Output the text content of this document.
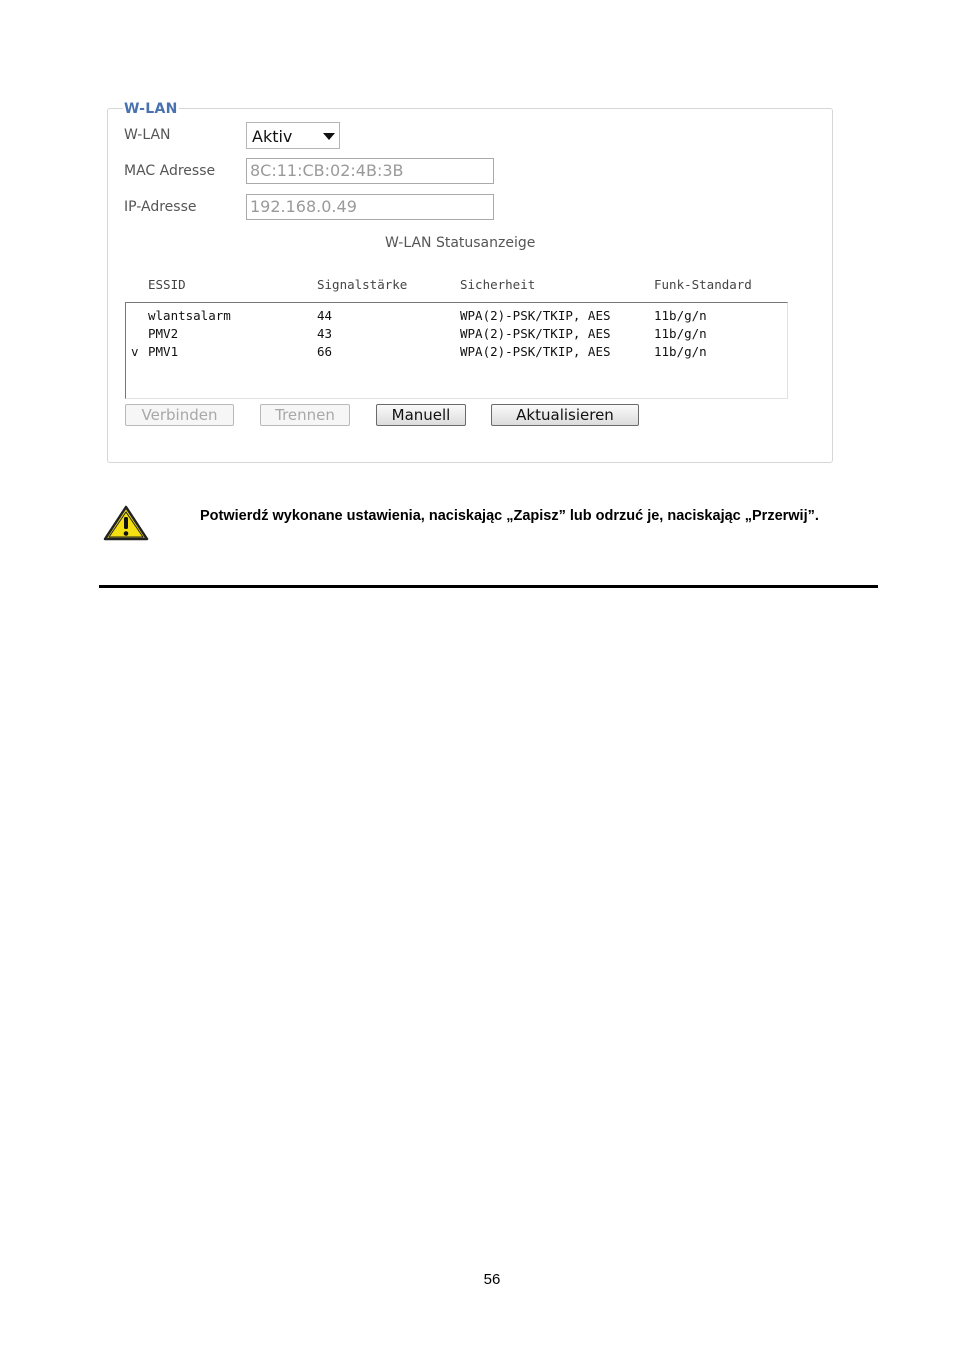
W-LAN
W-LAN	Aktiv
MAC Adresse 8C:11:CB:02:4B:3B
IP-Adresse	192.168.0.49
W-LAN Statusanzeige
ESSID	Signalstärke	Sicherheit	Funk-Standard
wlantsalarm	44	WPA(2)-PSK/TKIP, AES	11b/g/n
PMV2	43	WPA(2)-PSK/TKIP, AES	11b/g/n
v PMV1	66	WPA(2)-PSK/TKIP, AES	11b/g/n
Verbinden	Trennen	Manuell	Aktualisieren
Potwierdź wykonane ustawienia, naciskając „Zapisz” lub odrzuć je, naciskając „Przerwij”.
56
